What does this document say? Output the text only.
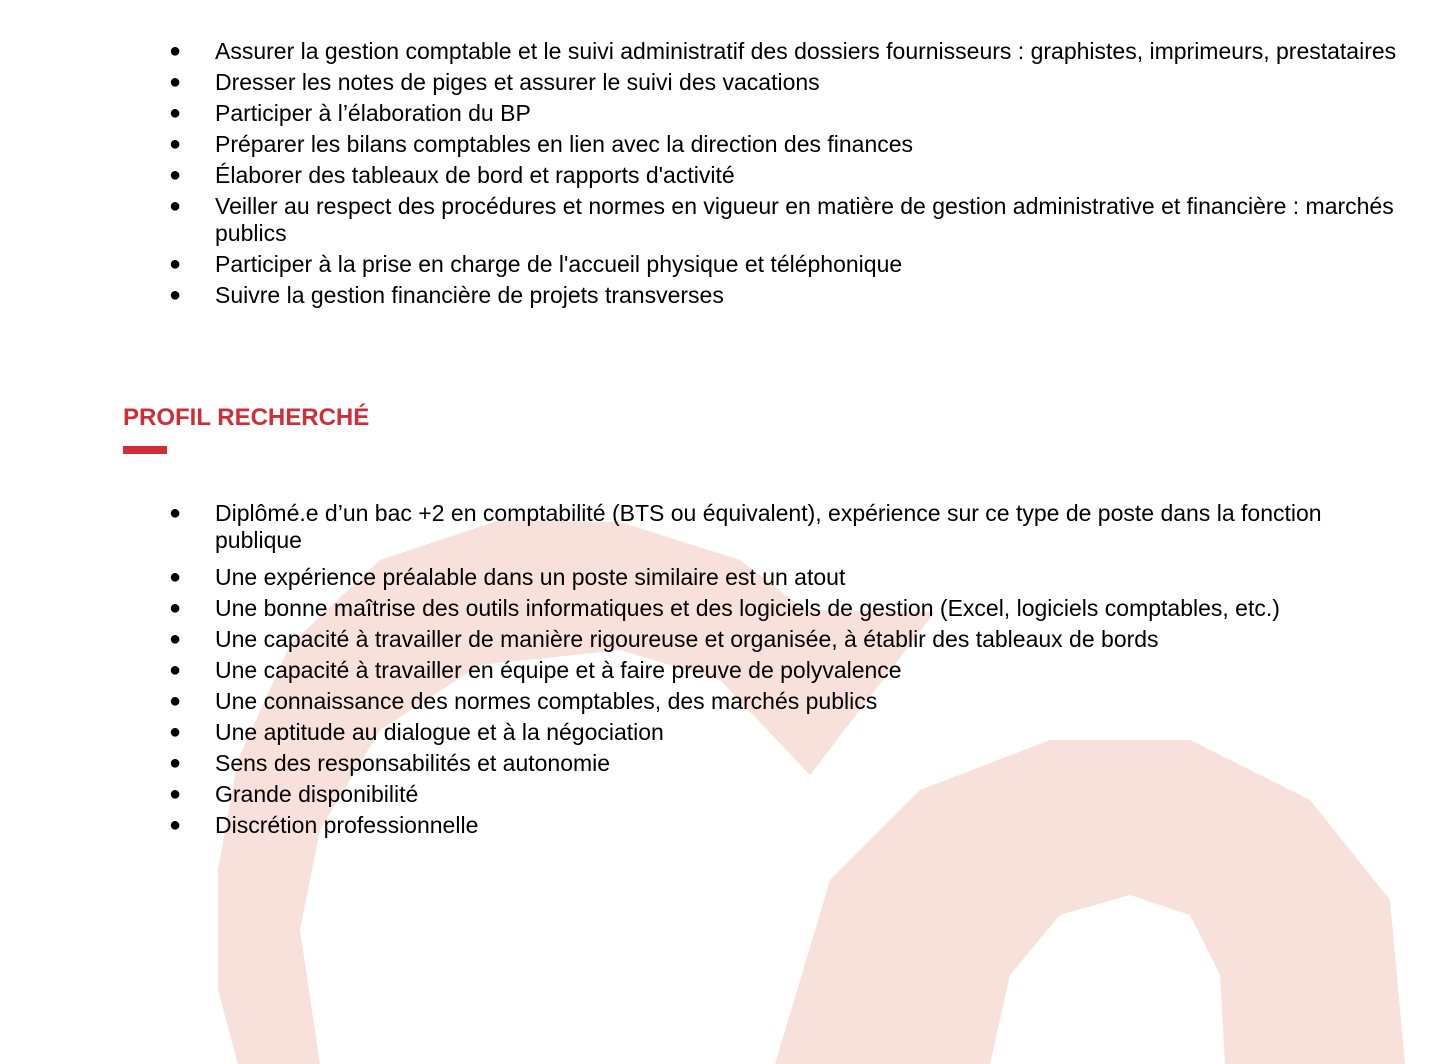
● Assurer la gestion comptable et le suivi administratif des dossiers fournisseurs : graphistes, imprimeurs, prestataires
● Dresser les notes de piges et assurer le suivi des vacations
● Participer à l’élaboration du BP
● Préparer les bilans comptables en lien avec la direction des finances
● Élaborer des tableaux de bord et rapports d'activité
● Veiller au respect des procédures et normes en vigueur en matière de gestion administrative et financière : marchés publics
● Participer à la prise en charge de l'accueil physique et téléphonique
● Suivre la gestion financière de projets transverses
PROFIL RECHERCHÉ
● Diplômé.e d’un bac +2 en comptabilité (BTS ou équivalent), expérience sur ce type de poste dans la fonction publique
● Une expérience préalable dans un poste similaire est un atout
● Une bonne maîtrise des outils informatiques et des logiciels de gestion (Excel, logiciels comptables, etc.)
● Une capacité à travailler de manière rigoureuse et organisée, à établir des tableaux de bords
● Une capacité à travailler en équipe et à faire preuve de polyvalence
● Une connaissance des normes comptables, des marchés publics
● Une aptitude au dialogue et à la négociation
● Sens des responsabilités et autonomie
● Grande disponibilité
● Discrétion professionnelle
